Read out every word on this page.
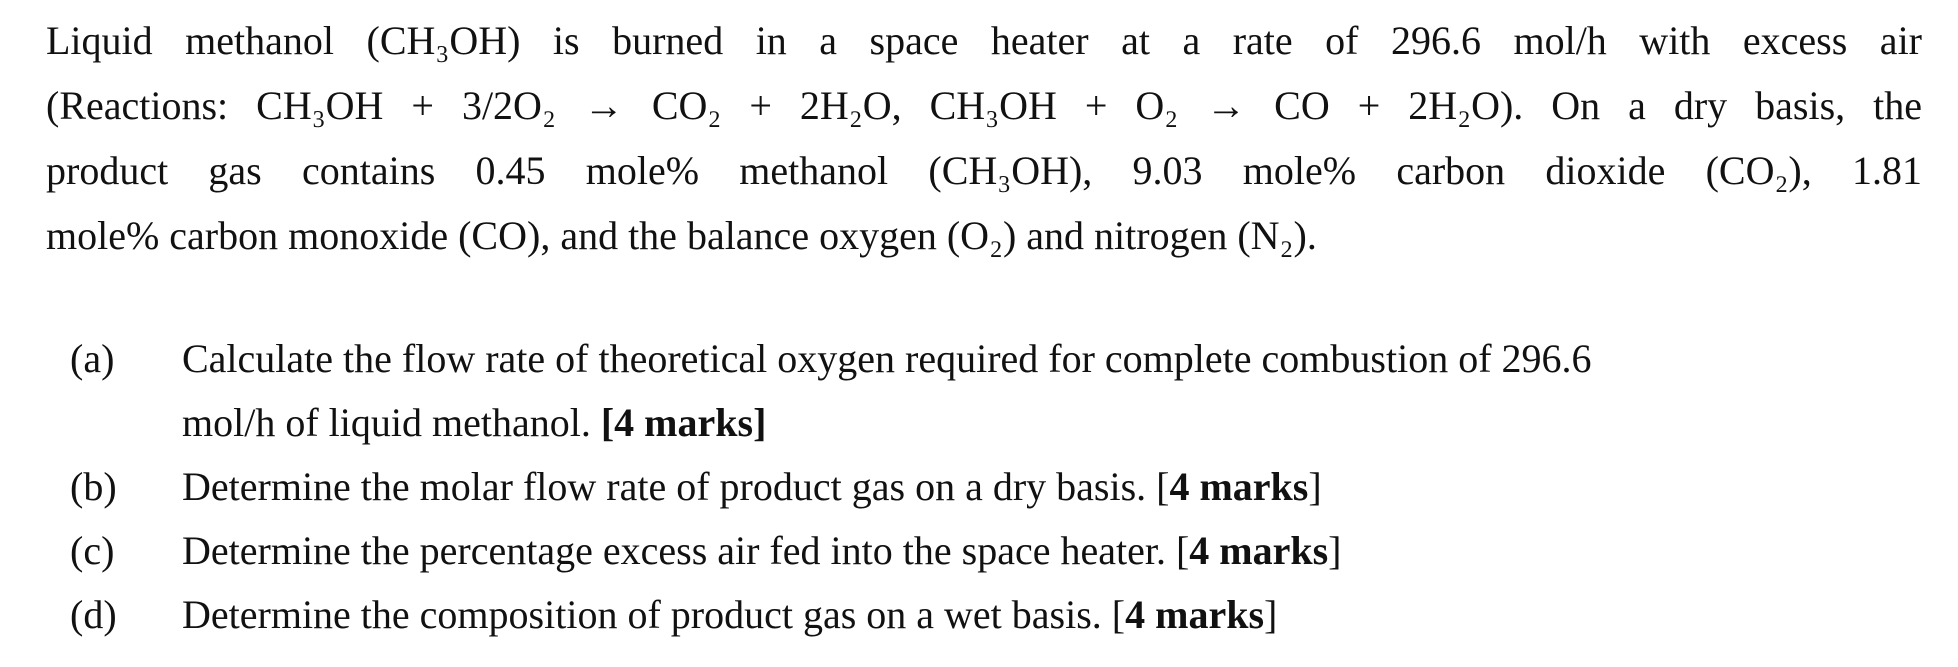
Liquid methanol (CH₃OH) is burned in a space heater at a rate of 296.6 mol/h with excess air
(Reactions: CH₃OH + 3/2O₂ → CO₂ + 2H₂O, CH₃OH + O₂ → CO + 2H₂O). On a dry basis, the
product gas contains 0.45 mole% methanol (CH₃OH), 9.03 mole% carbon dioxide (CO₂), 1.81
mole% carbon monoxide (CO), and the balance oxygen (O₂) and nitrogen (N₂).
(a)	Calculate the flow rate of theoretical oxygen required for complete combustion of 296.6
mol/h of liquid methanol. [4 marks]
(b)	Determine the molar flow rate of product gas on a dry basis. [4 marks]
(c)	Determine the percentage excess air fed into the space heater. [4 marks]
(d)	Determine the composition of product gas on a wet basis. [4 marks]
